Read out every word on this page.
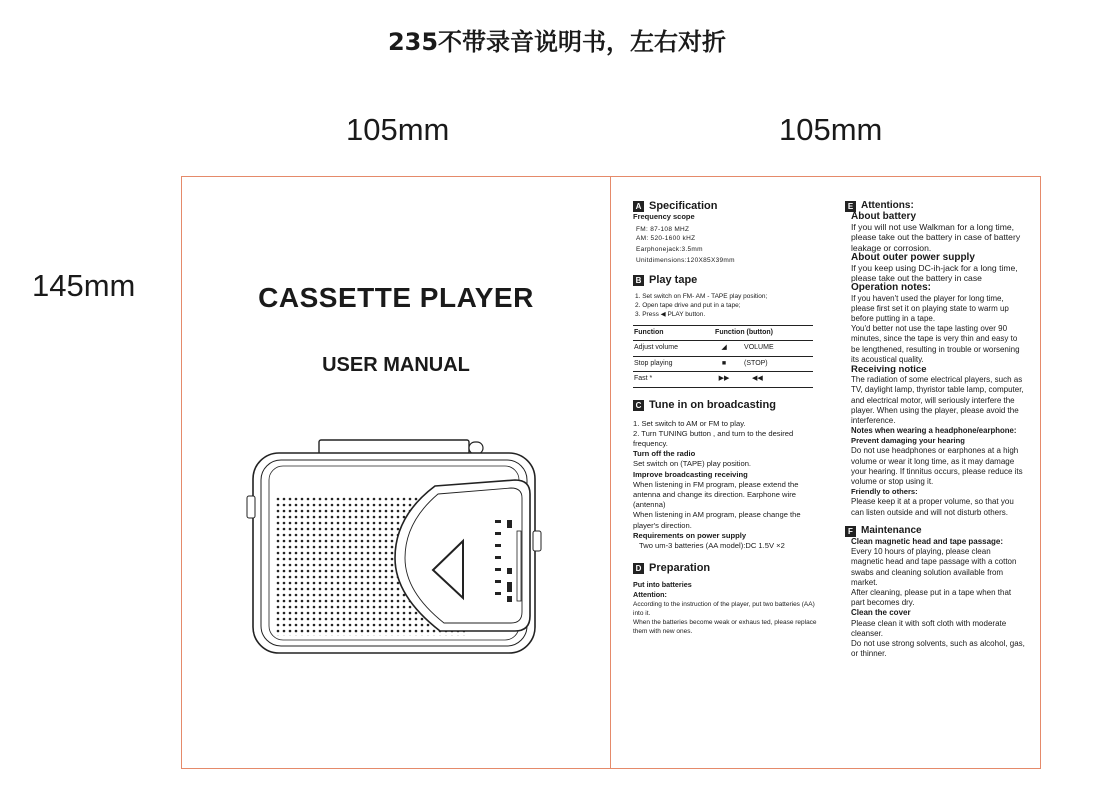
235不带录音说明书，左右对折
105mm	105mm
145mm	CASSETTE PLAYER
USER MANUAL
A Specification

Frequency scope

FM: 87-108 MHZ

AM: 520-1600 kHZ

Earphonejack:3.5mm

Unitdimensions:120X85X39mm

B Play tape

1. Set switch on FM- AM - TAPE play position;

2. Open tape drive and put in a tape;

3. Press ◀ PLAY button.

Function	Function (button)
Adjust volume	◢ VOLUME
Stop playing	■ (STOP)
Fast *	▶▶ ◀◀
C Tune in on broadcasting

1. Set switch to AM or FM to play.

2. Turn TUNING button , and turn to the desired frequency.

Turn off the radio

Set switch on (TAPE) play position.

Improve broadcasting receiving

When listening in FM program, please extend the antenna and change its direction. Earphone wire (antenna)

When listening in AM program, please change the player's direction.

Requirements on power supply

Two um-3 batteries (AA model):DC 1.5V ×2

D Preparation

Put into batteries

Attention:

According to the instruction of the player, put two batteries (AA) into it.

When the batteries become weak or exhaus ted, please replace them with new ones.

E Attentions:

About battery

If you will not use Walkman for a long time, please take out the battery in case of battery leakage or corrosion.

About outer power supply

If you keep using DC-ih-jack for a long time, please take out the battery in case

Operation notes:

If you haven't used the player for long time, please first set it on playing state to warm up before putting in a tape.

You'd better not use the tape lasting over 90 minutes, since the tape is very thin and easy to be lengthened, resulting in trouble or worsening its acoustical quality.

Receiving notice

The radiation of some electrical players, such as TV, daylight lamp, thyristor table lamp, computer, and electrical motor, will seriously interfere the player. When using the player, please avoid the interference.

Notes when wearing a headphone/earphone:

Prevent damaging your hearing

Do not use headphones or earphones at a high volume or wear it long time, as it may damage your hearing. If tinnitus occurs, please reduce its volume or stop using it.

Friendly to others:

Please keep it at a proper volume, so that you can listen outside and will not disturb others.

F Maintenance

Clean magnetic head and tape passage:

Every 10 hours of playing, please clean magnetic head and tape passage with a cotton swabs and cleaning solution available from market.

After cleaning, please put in a tape when that part becomes dry.

Clean the cover

Please clean it with soft cloth with moderate cleanser.

Do not use strong solvents, such as alcohol, gas, or thinner.
